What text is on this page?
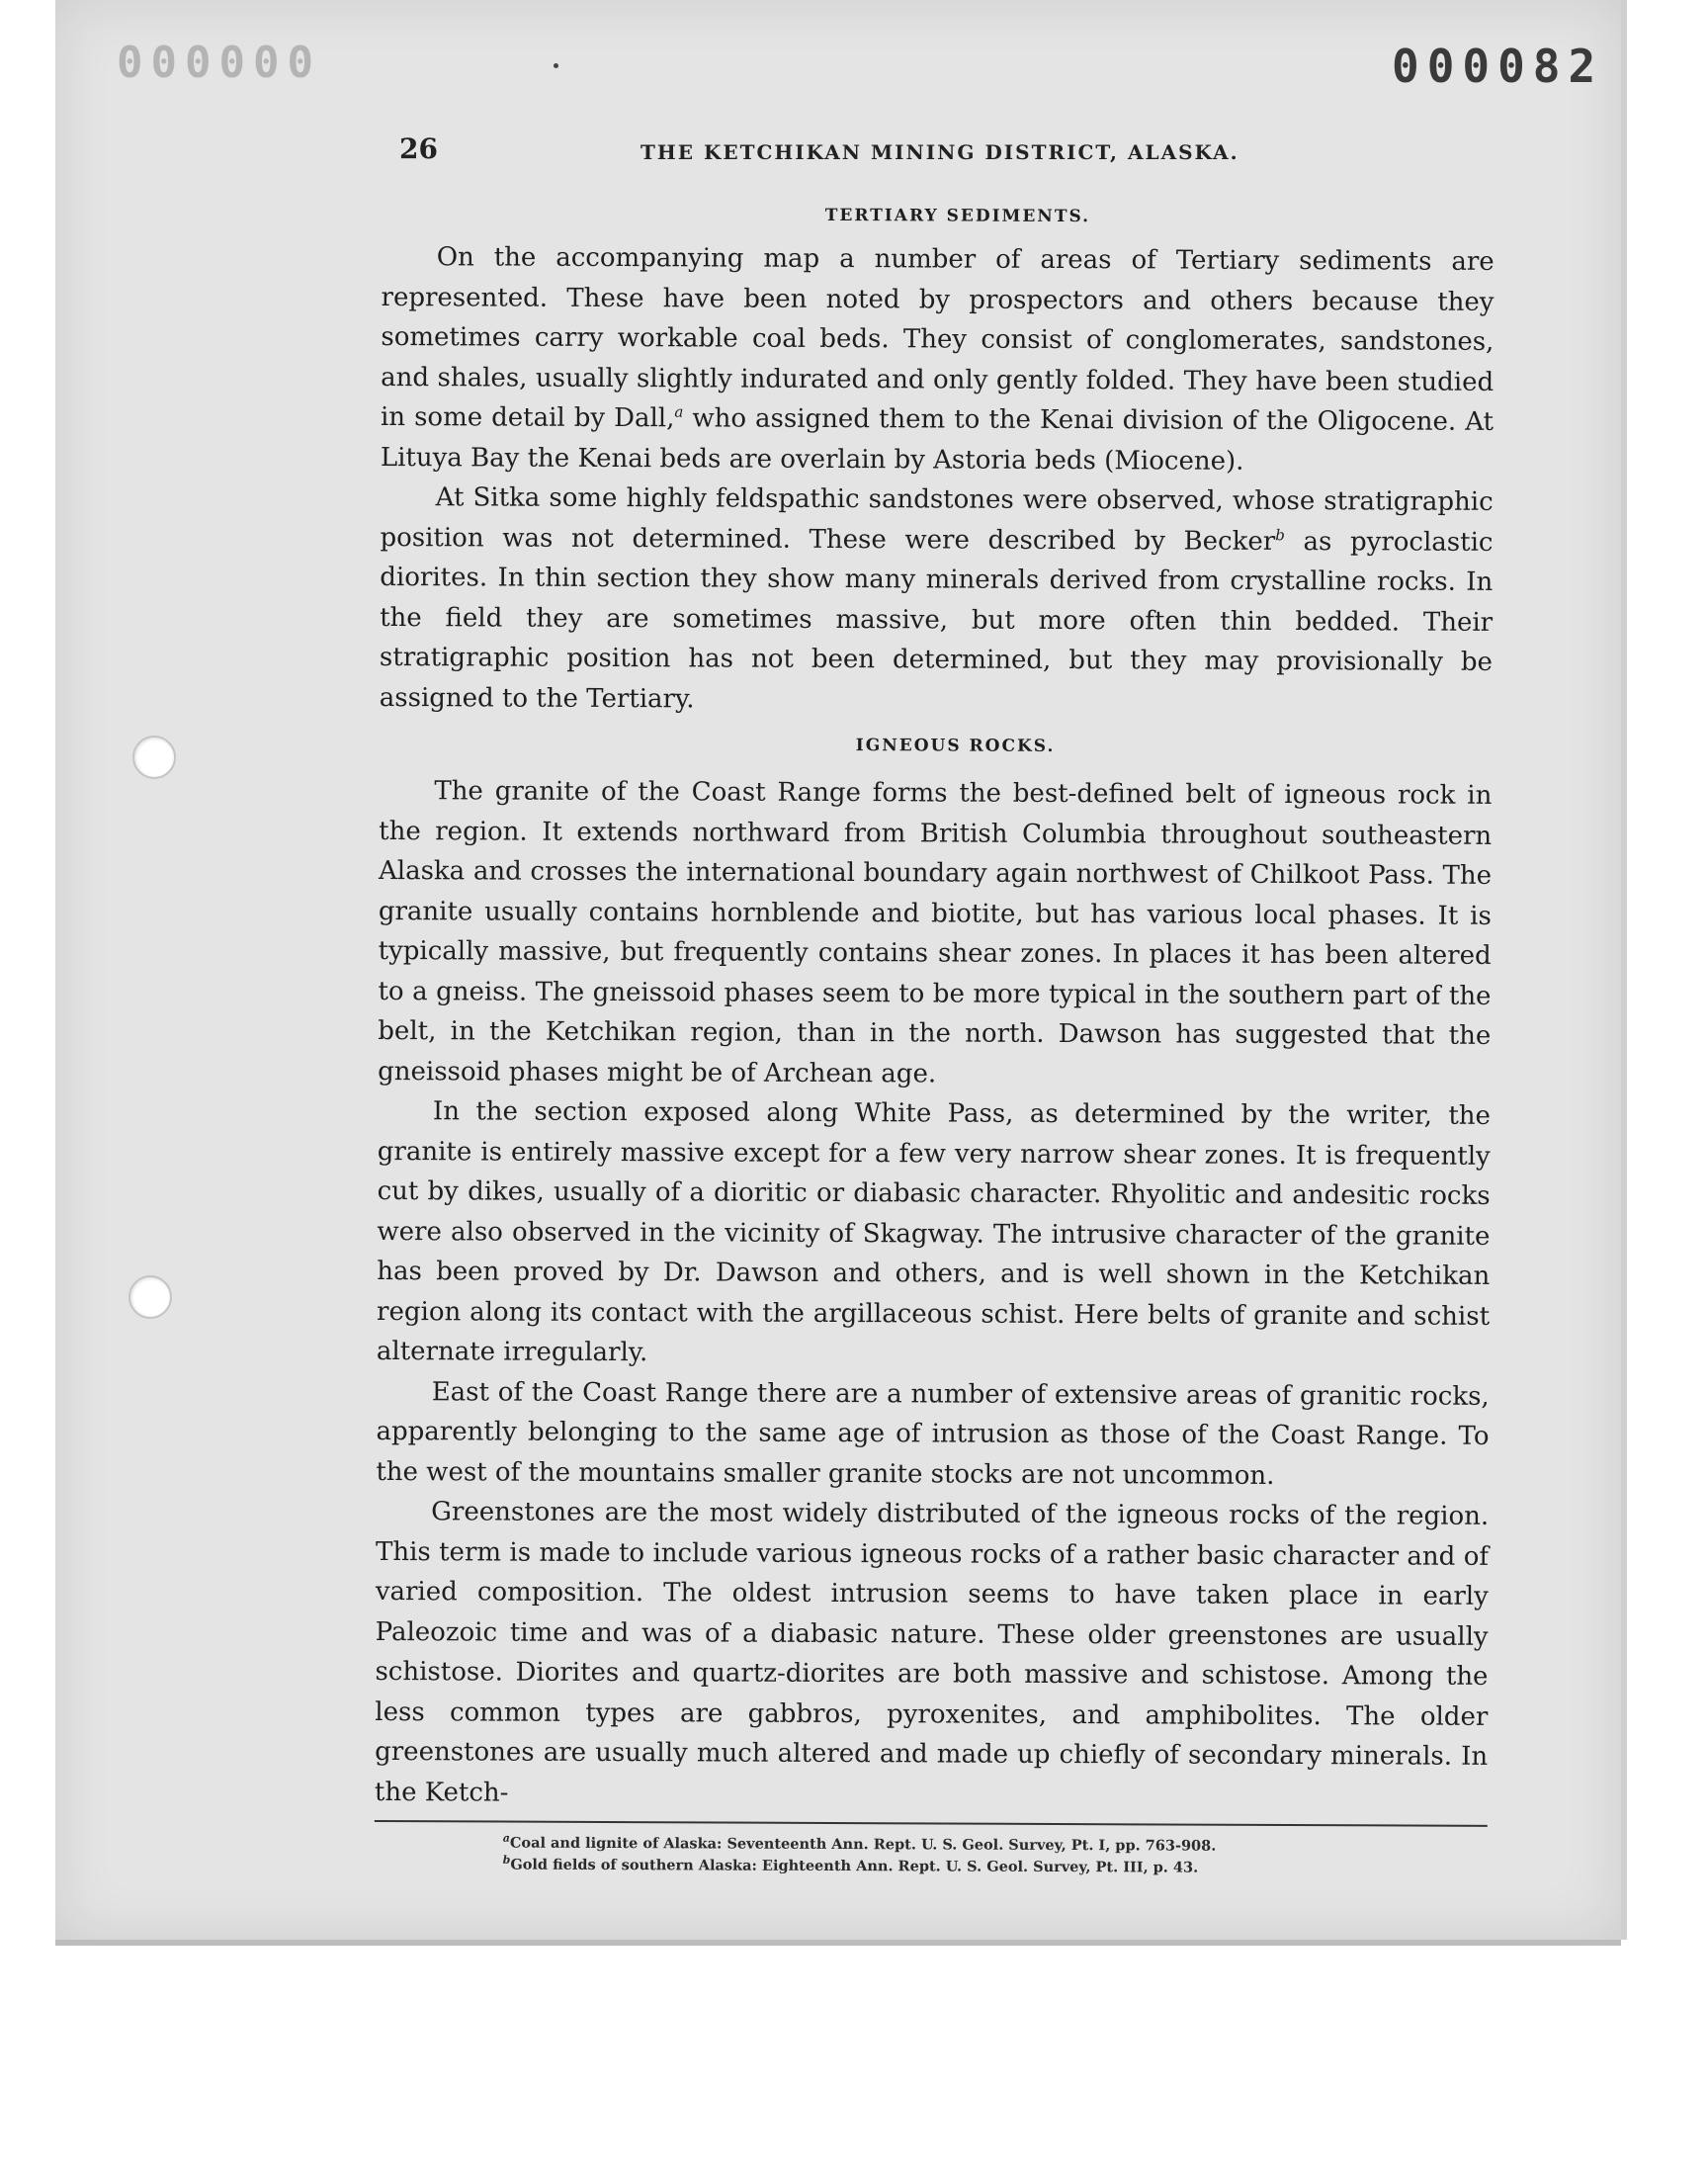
000000	000082
26	THE KETCHIKAN MINING DISTRICT, ALASKA.
TERTIARY SEDIMENTS.

On the accompanying map a number of areas of Tertiary sediments are represented. These have been noted by prospectors and others because they sometimes carry workable coal beds. They consist of conglomerates, sandstones, and shales, usually slightly indurated and only gently folded. They have been studied in some detail by Dall,$^a$ who assigned them to the Kenai division of the Oligocene. At Lituya Bay the Kenai beds are overlain by Astoria beds (Miocene).

At Sitka some highly feldspathic sandstones were observed, whose stratigraphic position was not determined. These were described by Becker$^b$ as pyroclastic diorites. In thin section they show many minerals derived from crystalline rocks. In the field they are sometimes massive, but more often thin bedded. Their stratigraphic position has not been determined, but they may provisionally be assigned to the Tertiary.

IGNEOUS ROCKS.

The granite of the Coast Range forms the best-defined belt of igneous rock in the region. It extends northward from British Columbia throughout southeastern Alaska and crosses the international boundary again northwest of Chilkoot Pass. The granite usually contains hornblende and biotite, but has various local phases. It is typically massive, but frequently contains shear zones. In places it has been altered to a gneiss. The gneissoid phases seem to be more typical in the southern part of the belt, in the Ketchikan region, than in the north. Dawson has suggested that the gneissoid phases might be of Archean age.

In the section exposed along White Pass, as determined by the writer, the granite is entirely massive except for a few very narrow shear zones. It is frequently cut by dikes, usually of a dioritic or diabasic character. Rhyolitic and andesitic rocks were also observed in the vicinity of Skagway. The intrusive character of the granite has been proved by Dr. Dawson and others, and is well shown in the Ketchikan region along its contact with the argillaceous schist. Here belts of granite and schist alternate irregularly.

East of the Coast Range there are a number of extensive areas of granitic rocks, apparently belonging to the same age of intrusion as those of the Coast Range. To the west of the mountains smaller granite stocks are not uncommon.

Greenstones are the most widely distributed of the igneous rocks of the region. This term is made to include various igneous rocks of a rather basic character and of varied composition. The oldest intrusion seems to have taken place in early Paleozoic time and was of a diabasic nature. These older greenstones are usually schistose. Diorites and quartz-diorites are both massive and schistose. Among the less common types are gabbros, pyroxenites, and amphibolites. The older greenstones are usually much altered and made up chiefly of secondary minerals. In the Ketch-

$^a$Coal and lignite of Alaska: Seventeenth Ann. Rept. U. S. Geol. Survey, Pt. I, pp. 763-908.
$^b$Gold fields of southern Alaska: Eighteenth Ann. Rept. U. S. Geol. Survey, Pt. III, p. 43.
